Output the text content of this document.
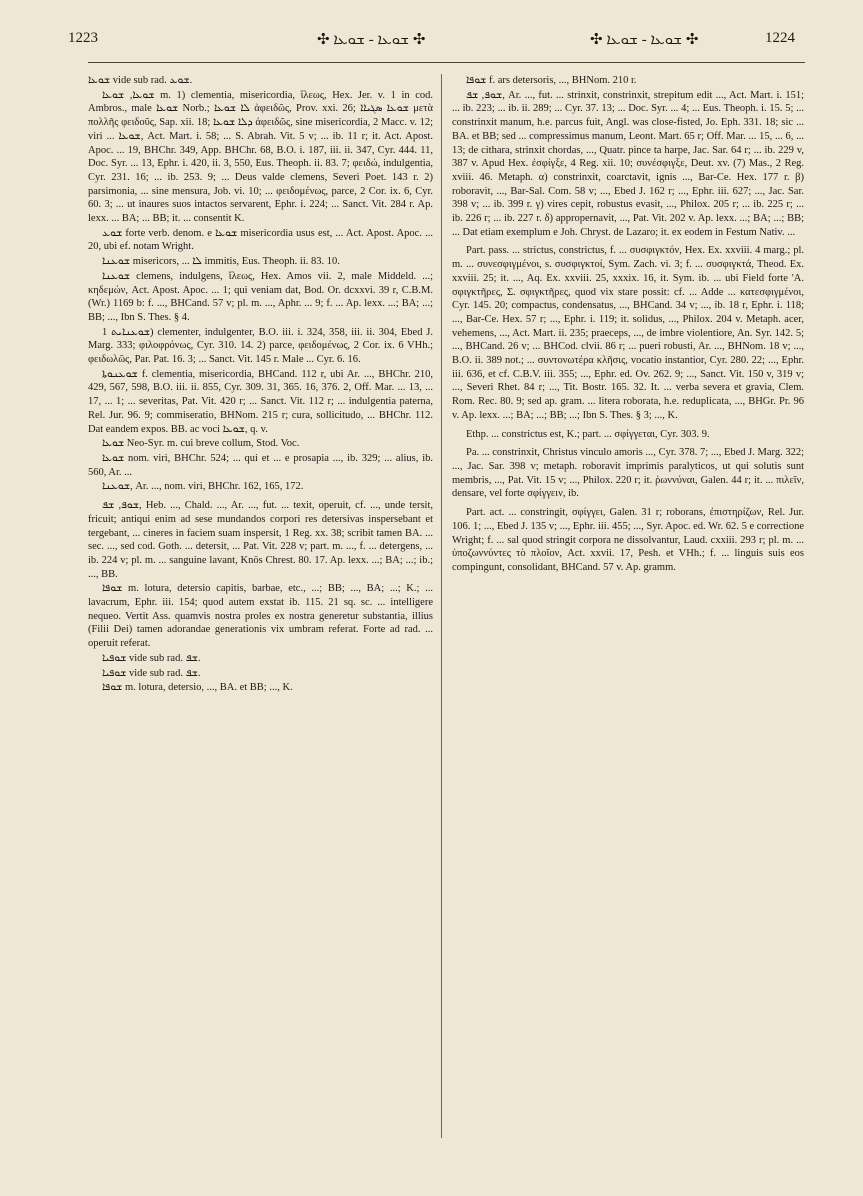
1223	✣ ܫܘܥܐ - ܫܘܥܐ ✣	✣ ܫܘܥܐ - ܫܘܥܐ ✣	1224

ܫܘܥܐ vide sub rad. ܫܘܥ.

ܫܘܥܐ, ܫܘܥܐ m. 1) clementia, misericordia, ἵλεως, Hex. Jer. v. 1 in cod. Ambros., male ܫܘܥܐ Norb.; ܠܐ ܫܘܥܐ ἀφειδῶς, Prov. xxi. 26; ܫܘܥܐ ܣܓܝܐܐ μετὰ πολλῆς φειδοῦς, Sap. xii. 18; ܕܠܐ ܫܘܥܐ ἀφειδῶς, sine misericordia, 2 Macc. v. 12; viri ... ܫܘܥܐ, Act. Mart. i. 58; ... S. Abrah. Vit. 5 v; ... ib. 11 r; it. Act. Apost. Apoc. ... 19, BHChr. 349, App. BHChr. 68, B.O. i. 187, iii. ii. 347, Cyr. 444. 11, Doc. Syr. ... 13, Ephr. i. 420, ii. 3, 550, Eus. Theoph. ii. 83. 7; φειδώ, indulgentia, Cyr. 231. 16; ... ib. 253. 9; ... Deus valde clemens, Severi Poet. 143 r. 2) parsimonia, ... sine mensura, Job. vi. 10; ... φειδομένως, parce, 2 Cor. ix. 6, Cyr. 60. 3; ... ut inaures suos intactos servarent, Ephr. i. 224; ... Sanct. Vit. 284 r. Ap. lexx. ... BA; ... BB; it. ... consentit K.

ܫܘܥ forte verb. denom. e ܫܘܥܐ misericordia usus est, ... Act. Apost. Apoc. ... 20, ubi ef. notam Wright.

ܫܘܥܢܐ misericors, ... ܠܐ immitis, Eus. Theoph. ii. 83. 10.

ܫܘܥܢܐ clemens, indulgens, ἵλεως, Hex. Amos vii. 2, male Middeld. ...; κηδεμών, Act. Apost. Apoc. ... 1; qui veniam dat, Bod. Or. dcxxvi. 39 r, C.B.M. (Wr.) 1169 b: f. ..., BHCand. 57 v; pl. m. ..., Aphr. ... 9; f. ... Ap. lexx. ...; BA; ...; BB; ..., Ibn S. Thes. § 4.

ܫܘܥܢܐܝܬ 1) clementer, indulgenter, B.O. iii. i. 324, 358, iii. ii. 304, Ebed J. Marg. 333; φιλοφρόνως, Cyr. 310. 14. 2) parce, φειδομένως, 2 Cor. ix. 6 VHh.; φειδωλῶς, Par. Pat. 16. 3; ... Sanct. Vit. 145 r. Male ... Cyr. 6. 16.

ܫܘܥܢܘܬܐ f. clementia, misericordia, BHCand. 112 r, ubi Ar. ..., BHChr. 210, 429, 567, 598, B.O. iii. ii. 855, Cyr. 309. 31, 365. 16, 376. 2, Off. Mar. ... 13, ... 17, ... 1; ... severitas, Pat. Vit. 420 r; ... Sanct. Vit. 112 r; ... indulgentia paterna, Rel. Jur. 96. 9; commiseratio, BHNom. 215 r; cura, sollicitudo, ... BHChr. 112. Dat eandem expos. BB. ac voci ܫܘܥܐ, q. v.

ܫܘܥܐ Neo-Syr. m. cui breve collum, Stod. Voc.

ܫܘܥܐ nom. viri, BHChr. 524; ... qui et ... e prosapia ..., ib. 329; ... alius, ib. 560, Ar. ...

ܫܘܥܢܐ, Ar. ..., nom. viri, BHChr. 162, 165, 172.

ܫܘܦ, ܫܦ, Heb. ..., Chald. ..., Ar. ..., fut. ... texit, operuit, cf. ..., unde tersit, fricuit; antiqui enim ad sese mundandos corpori res detersivas inspersebant et tergebant, ... cineres in faciem suam inspersit, 1 Reg. xx. 38; scribit tamen BA. ... sec. ..., sed cod. Goth. ... detersit, ... Pat. Vit. 228 v; part. m. ..., f. ... detergens, ... ib. 224 v; pl. m. ... sanguine lavant, Knös Chrest. 80. 17. Ap. lexx. ...; BA; ...; ib.; ..., BB.

ܫܘܦܐ m. lotura, detersio capitis, barbae, etc., ...; BB; ..., BA; ...; K.; ... lavacrum, Ephr. iii. 154; quod autem exstat ib. 115. 21 sq. sc. ... intelligere nequeo. Vertit Ass. quamvis nostra proles ex nostra generetur substantia, illius (Filii Dei) tamen adorandae generationis vix umbram referat. Forte ad rad. ... operuit referat.

ܫܘܦܝܐ vide sub rad. ܫܦ.

ܫܘܦܝܐ vide sub rad. ܫܦ.

ܫܘܦܐ m. lotura, detersio, ..., BA. et BB; ..., K.

ܫܘܦܐ f. ars detersoris, ..., BHNom. 210 r.

ܫܘܦ, ܫܦ, Ar. ..., fut. ... strinxit, constrinxit, strepitum edit ..., Act. Mart. i. 151; ... ib. 223; ... ib. ii. 289; ... Cyr. 37. 13; ... Doc. Syr. ... 4; ... Eus. Theoph. i. 15. 5; ... constrinxit manum, h.e. parcus fuit, Angl. was close-fisted, Jo. Eph. 331. 18; sic ... BA. et BB; sed ... compressimus manum, Leont. Mart. 65 r; Off. Mar. ... 15, ... 6, ... 13; de cithara, strinxit chordas, ..., Quatr. pince ta harpe, Jac. Sar. 64 r; ... ib. 229 v, 387 v. Apud Hex. ἐσφίγξε, 4 Reg. xii. 10; συνέσφιγξε, Deut. xv. (7) Mas., 2 Reg. xviii. 46. Metaph. α) constrinxit, coarctavit, ignis ..., Bar-Ce. Hex. 177 r. β) roboravit, ..., Bar-Sal. Com. 58 v; ..., Ebed J. 162 r; ..., Ephr. iii. 627; ..., Jac. Sar. 398 v; ... ib. 399 r. γ) vires cepit, robustus evasit, ..., Philox. 205 r; ... ib. 225 r; ... ib. 226 r; ... ib. 227 r. δ) appropernavit, ..., Pat. Vit. 202 v. Ap. lexx. ...; BA; ...; BB; ... Dat etiam exemplum e Joh. Chryst. de Lazaro; it. ex eodem in Festum Nativ. ...

Part. pass. ... strictus, constrictus, f. ... συσφιγκτόν, Hex. Ex. xxviii. 4 marg.; pl. m. ... συνεσφιγμένοι, s. συσφιγκτοί, Sym. Zach. vi. 3; f. ... συσφιγκτά, Theod. Ex. xxviii. 25; it. ..., Aq. Ex. xxviii. 25, xxxix. 16, it. Sym. ib. ... ubi Field forte 'A. σφιγκτῆρες, Σ. σφιγκτῆρες, quod vix stare possit: cf. ... Adde ... κατεσφιγμένοι, Cyr. 145. 20; compactus, condensatus, ..., BHCand. 34 v; ..., ib. 18 r, Ephr. i. 118; ..., Bar-Ce. Hex. 57 r; ..., Ephr. i. 119; it. solidus, ..., Philox. 204 v. Metaph. acer, vehemens, ..., Act. Mart. ii. 235; praeceps, ..., de imbre violentiore, An. Syr. 142. 5; ..., BHCand. 26 v; ... BHCod. clvii. 86 r; ... pueri robusti, Ar. ..., BHNom. 18 v; ..., B.O. ii. 389 not.; ... συντονωτέρα κλῆσις, vocatio instantior, Cyr. 280. 22; ..., Ephr. iii. 636, et cf. C.B.V. iii. 355; ..., Ephr. ed. Ov. 262. 9; ..., Sanct. Vit. 150 v, 319 v; ..., Severi Rhet. 84 r; ..., Tit. Bostr. 165. 32. It. ... verba severa et gravia, Clem. Rom. Rec. 80. 9; sed ap. gram. ... litera roborata, h.e. reduplicata, ..., BHGr. Pr. 96 v. Ap. lexx. ...; BA; ...; BB; ...; Ibn S. Thes. § 3; ..., K.

Ethp. ... constrictus est, K.; part. ... σφίγγεται, Cyr. 303. 9.

Pa. ... constrinxit, Christus vinculo amoris ..., Cyr. 378. 7; ..., Ebed J. Marg. 322; ..., Jac. Sar. 398 v; metaph. roboravit imprimis paralyticos, ut qui solutis sunt membris, ..., Pat. Vit. 15 v; ..., Philox. 220 r; it. ῥωννύναι, Galen. 44 r; it. ... πιλεῖν, densare, vel forte σφίγγειν, ib.

Part. act. ... constringit, σφίγγει, Galen. 31 r; roborans, ἐπιστηρίζων, Rel. Jur. 106. 1; ..., Ebed J. 135 v; ..., Ephr. iii. 455; ..., Syr. Apoc. ed. Wr. 62. 5 e correctione Wright; f. ... sal quod stringit corpora ne dissolvantur, Laud. cxxiii. 293 r; pl. m. ... ὑποζωννύντες τὸ πλοῖον, Act. xxvii. 17, Pesh. et VHh.; f. ... linguis suis eos compingunt, consolidant, BHCand. 57 v. Ap. gramm.
